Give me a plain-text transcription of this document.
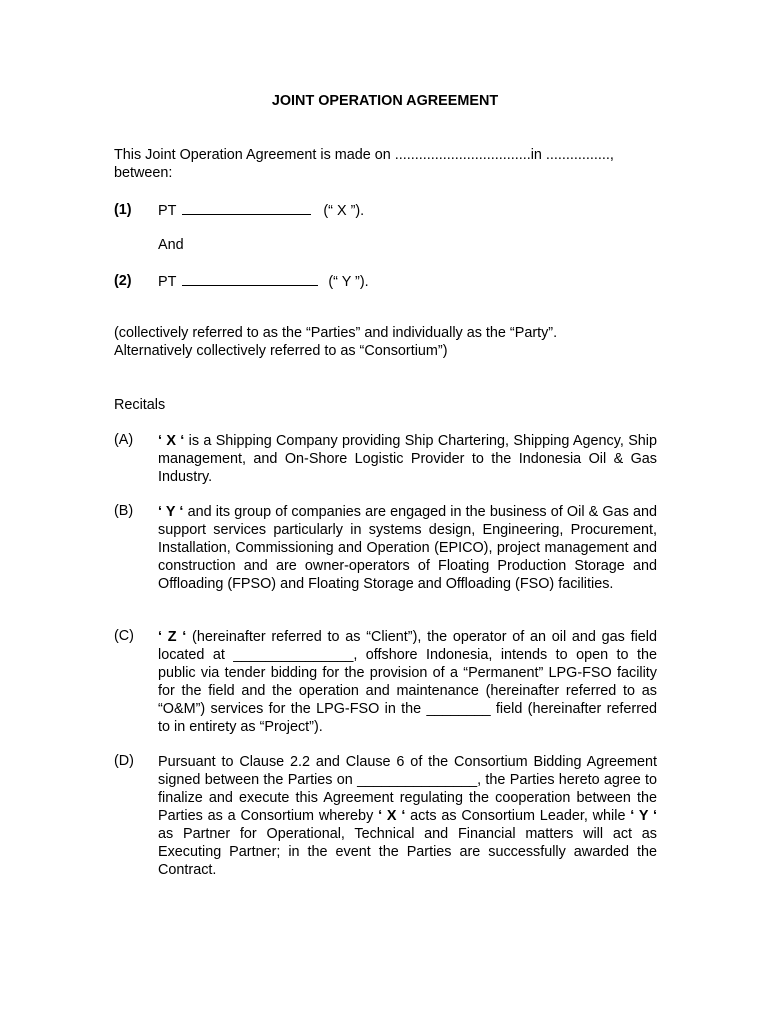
JOINT OPERATION AGREEMENT
This Joint Operation Agreement is made on ..................................in ................,
between:
(1) PT	(“ X ”).
And
(2) PT	(“ Y ”).
(collectively referred to as the “Parties” and individually as the “Party”.
Alternatively collectively referred to as “Consortium”)
Recitals
(A) ‘ X ‘ is a Shipping Company providing Ship Chartering, Shipping Agency, Ship management, and On-Shore Logistic Provider to the Indonesia Oil & Gas Industry.
(B) ‘ Y ‘ and its group of companies are engaged in the business of Oil & Gas and support services particularly in systems design, Engineering, Procurement, Installation, Commissioning and Operation (EPICO), project management and construction and are owner-operators of Floating Production Storage and Offloading (FPSO) and Floating Storage and Offloading (FSO) facilities.
(C) ‘ Z ‘ (hereinafter referred to as “Client”), the operator of an oil and gas field located at _______________, offshore Indonesia, intends to open to the public via tender bidding for the provision of a “Permanent” LPG-FSO facility for the field and the operation and maintenance (hereinafter referred to as “O&M”) services for the LPG-FSO in the ________ field (hereinafter referred to in entirety as “Project”).
(D) Pursuant to Clause 2.2 and Clause 6 of the Consortium Bidding Agreement signed between the Parties on _______________, the Parties hereto agree to finalize and execute this Agreement regulating the cooperation between the Parties as a Consortium whereby ‘ X ‘ acts as Consortium Leader, while ‘ Y ‘ as Partner for Operational, Technical and Financial matters will act as Executing Partner; in the event the Parties are successfully awarded the Contract.
